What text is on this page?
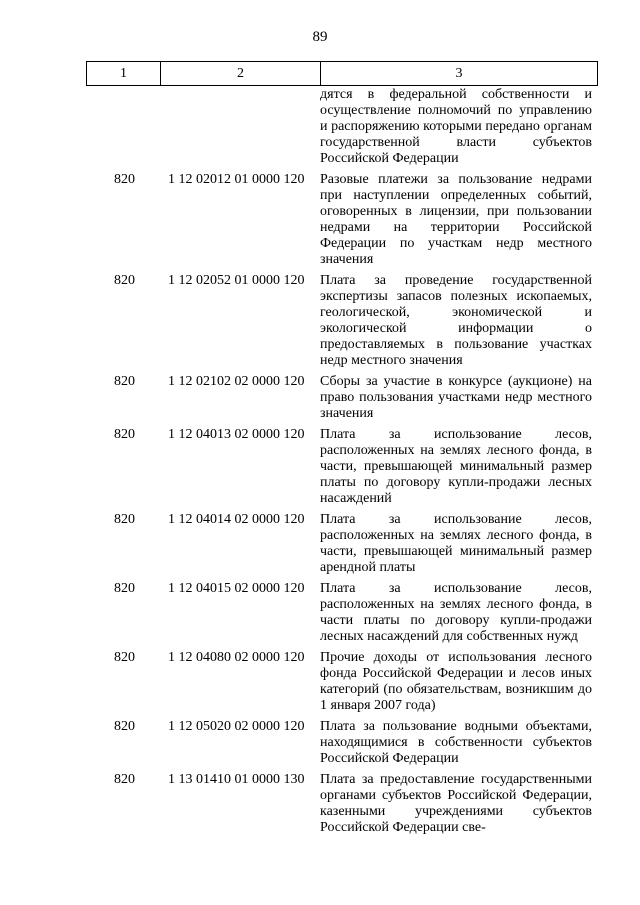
89
1	2	3
дятся в федеральной собственности и осуществление полномочий по управлению и распоряжению которыми передано органам государственной власти субъектов Российской Федерации
820	1 12 02012 01 0000 120	Разовые платежи за пользование недрами при наступлении определенных событий, оговоренных в лицензии, при пользовании недрами на территории Российской Федерации по участкам недр местного значения
820	1 12 02052 01 0000 120	Плата за проведение государственной экспертизы запасов полезных ископаемых, геологической, экономической и экологической информации о предоставляемых в пользование участках недр местного значения
820	1 12 02102 02 0000 120	Сборы за участие в конкурсе (аукционе) на право пользования участками недр местного значения
820	1 12 04013 02 0000 120	Плата за использование лесов, расположенных на землях лесного фонда, в части, превышающей минимальный размер платы по договору купли-продажи лесных насаждений
820	1 12 04014 02 0000 120	Плата за использование лесов, расположенных на землях лесного фонда, в части, превышающей минимальный размер арендной платы
820	1 12 04015 02 0000 120	Плата за использование лесов, расположенных на землях лесного фонда, в части платы по договору купли-продажи лесных насаждений для собственных нужд
820	1 12 04080 02 0000 120	Прочие доходы от использования лесного фонда Российской Федерации и лесов иных категорий (по обязательствам, возникшим до 1 января 2007 года)
820	1 12 05020 02 0000 120	Плата за пользование водными объектами, находящимися в собственности субъектов Российской Федерации
820	1 13 01410 01 0000 130	Плата за предоставление государственными органами субъектов Российской Федерации, казенными учреждениями субъектов Российской Федерации све-
